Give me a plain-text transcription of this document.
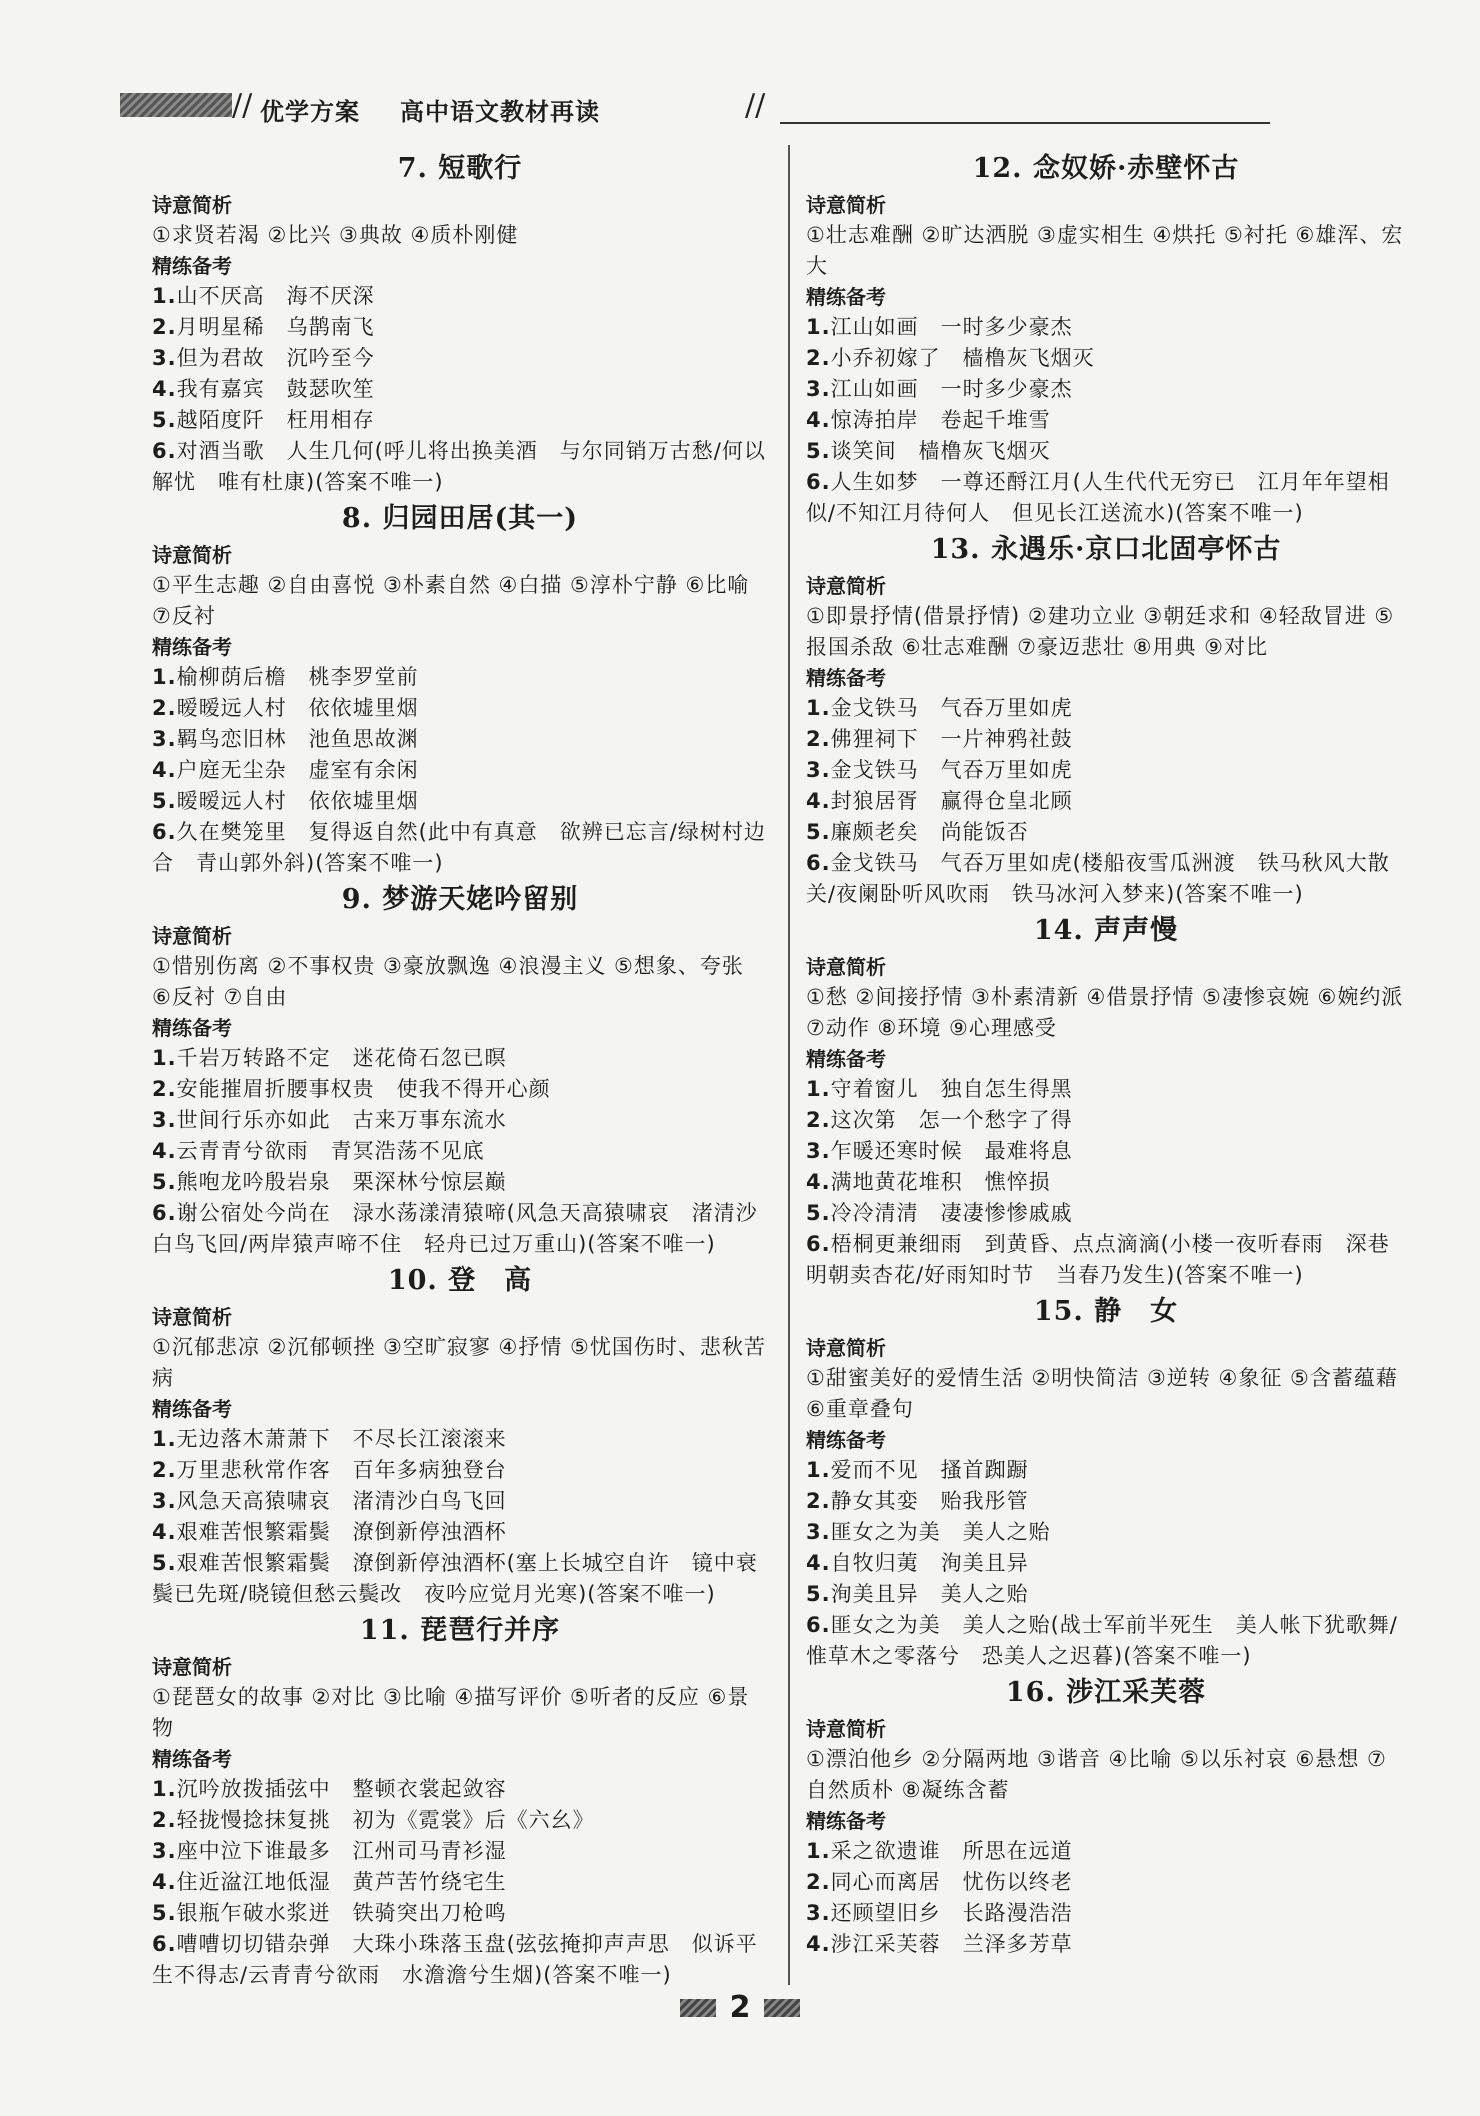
// 优学方案 高中语文教材再读	//
7. 短歌行
诗意简析
①求贤若渴 ②比兴 ③典故 ④质朴刚健
精练备考
1.山不厌高　海不厌深
2.月明星稀　乌鹊南飞
3.但为君故　沉吟至今
4.我有嘉宾　鼓瑟吹笙
5.越陌度阡　枉用相存
6.对酒当歌　人生几何(呼儿将出换美酒　与尔同销万古愁/何以解忧　唯有杜康)(答案不唯一)
8. 归园田居(其一)
诗意简析
①平生志趣 ②自由喜悦 ③朴素自然 ④白描 ⑤淳朴宁静 ⑥比喻 ⑦反衬
精练备考
1.榆柳荫后檐　桃李罗堂前
2.暧暧远人村　依依墟里烟
3.羁鸟恋旧林　池鱼思故渊
4.户庭无尘杂　虚室有余闲
5.暧暧远人村　依依墟里烟
6.久在樊笼里　复得返自然(此中有真意　欲辨已忘言/绿树村边合　青山郭外斜)(答案不唯一)
9. 梦游天姥吟留别
诗意简析
①惜别伤离 ②不事权贵 ③豪放飘逸 ④浪漫主义 ⑤想象、夸张 ⑥反衬 ⑦自由
精练备考
1.千岩万转路不定　迷花倚石忽已暝
2.安能摧眉折腰事权贵　使我不得开心颜
3.世间行乐亦如此　古来万事东流水
4.云青青兮欲雨　青冥浩荡不见底
5.熊咆龙吟殷岩泉　栗深林兮惊层巅
6.谢公宿处今尚在　渌水荡漾清猿啼(风急天高猿啸哀　渚清沙白鸟飞回/两岸猿声啼不住　轻舟已过万重山)(答案不唯一)
10. 登　高
诗意简析
①沉郁悲凉 ②沉郁顿挫 ③空旷寂寥 ④抒情 ⑤忧国伤时、悲秋苦病
精练备考
1.无边落木萧萧下　不尽长江滚滚来
2.万里悲秋常作客　百年多病独登台
3.风急天高猿啸哀　渚清沙白鸟飞回
4.艰难苦恨繁霜鬓　潦倒新停浊酒杯
5.艰难苦恨繁霜鬓　潦倒新停浊酒杯(塞上长城空自许　镜中衰鬓已先斑/晓镜但愁云鬓改　夜吟应觉月光寒)(答案不唯一)
11. 琵琶行并序
诗意简析
①琵琶女的故事 ②对比 ③比喻 ④描写评价 ⑤听者的反应 ⑥景物
精练备考
1.沉吟放拨插弦中　整顿衣裳起敛容
2.轻拢慢捻抹复挑　初为《霓裳》后《六幺》
3.座中泣下谁最多　江州司马青衫湿
4.住近湓江地低湿　黄芦苦竹绕宅生
5.银瓶乍破水浆迸　铁骑突出刀枪鸣
6.嘈嘈切切错杂弹　大珠小珠落玉盘(弦弦掩抑声声思　似诉平生不得志/云青青兮欲雨　水澹澹兮生烟)(答案不唯一)
12. 念奴娇·赤壁怀古
诗意简析
①壮志难酬 ②旷达洒脱 ③虚实相生 ④烘托 ⑤衬托 ⑥雄浑、宏大
精练备考
1.江山如画　一时多少豪杰
2.小乔初嫁了　樯橹灰飞烟灭
3.江山如画　一时多少豪杰
4.惊涛拍岸　卷起千堆雪
5.谈笑间　樯橹灰飞烟灭
6.人生如梦　一尊还酹江月(人生代代无穷已　江月年年望相似/不知江月待何人　但见长江送流水)(答案不唯一)
13. 永遇乐·京口北固亭怀古
诗意简析
①即景抒情(借景抒情) ②建功立业 ③朝廷求和 ④轻敌冒进 ⑤报国杀敌 ⑥壮志难酬 ⑦豪迈悲壮 ⑧用典 ⑨对比
精练备考
1.金戈铁马　气吞万里如虎
2.佛狸祠下　一片神鸦社鼓
3.金戈铁马　气吞万里如虎
4.封狼居胥　赢得仓皇北顾
5.廉颇老矣　尚能饭否
6.金戈铁马　气吞万里如虎(楼船夜雪瓜洲渡　铁马秋风大散关/夜阑卧听风吹雨　铁马冰河入梦来)(答案不唯一)
14. 声声慢
诗意简析
①愁 ②间接抒情 ③朴素清新 ④借景抒情 ⑤凄惨哀婉 ⑥婉约派 ⑦动作 ⑧环境 ⑨心理感受
精练备考
1.守着窗儿　独自怎生得黑
2.这次第　怎一个愁字了得
3.乍暖还寒时候　最难将息
4.满地黄花堆积　憔悴损
5.冷冷清清　凄凄惨惨戚戚
6.梧桐更兼细雨　到黄昏、点点滴滴(小楼一夜听春雨　深巷明朝卖杏花/好雨知时节　当春乃发生)(答案不唯一)
15. 静　女
诗意简析
①甜蜜美好的爱情生活 ②明快简洁 ③逆转 ④象征 ⑤含蓄蕴藉 ⑥重章叠句
精练备考
1.爱而不见　搔首踟蹰
2.静女其娈　贻我彤管
3.匪女之为美　美人之贻
4.自牧归荑　洵美且异
5.洵美且异　美人之贻
6.匪女之为美　美人之贻(战士军前半死生　美人帐下犹歌舞/惟草木之零落兮　恐美人之迟暮)(答案不唯一)
16. 涉江采芙蓉
诗意简析
①漂泊他乡 ②分隔两地 ③谐音 ④比喻 ⑤以乐衬哀 ⑥悬想 ⑦自然质朴 ⑧凝练含蓄
精练备考
1.采之欲遗谁　所思在远道
2.同心而离居　忧伤以终老
3.还顾望旧乡　长路漫浩浩
4.涉江采芙蓉　兰泽多芳草
2
